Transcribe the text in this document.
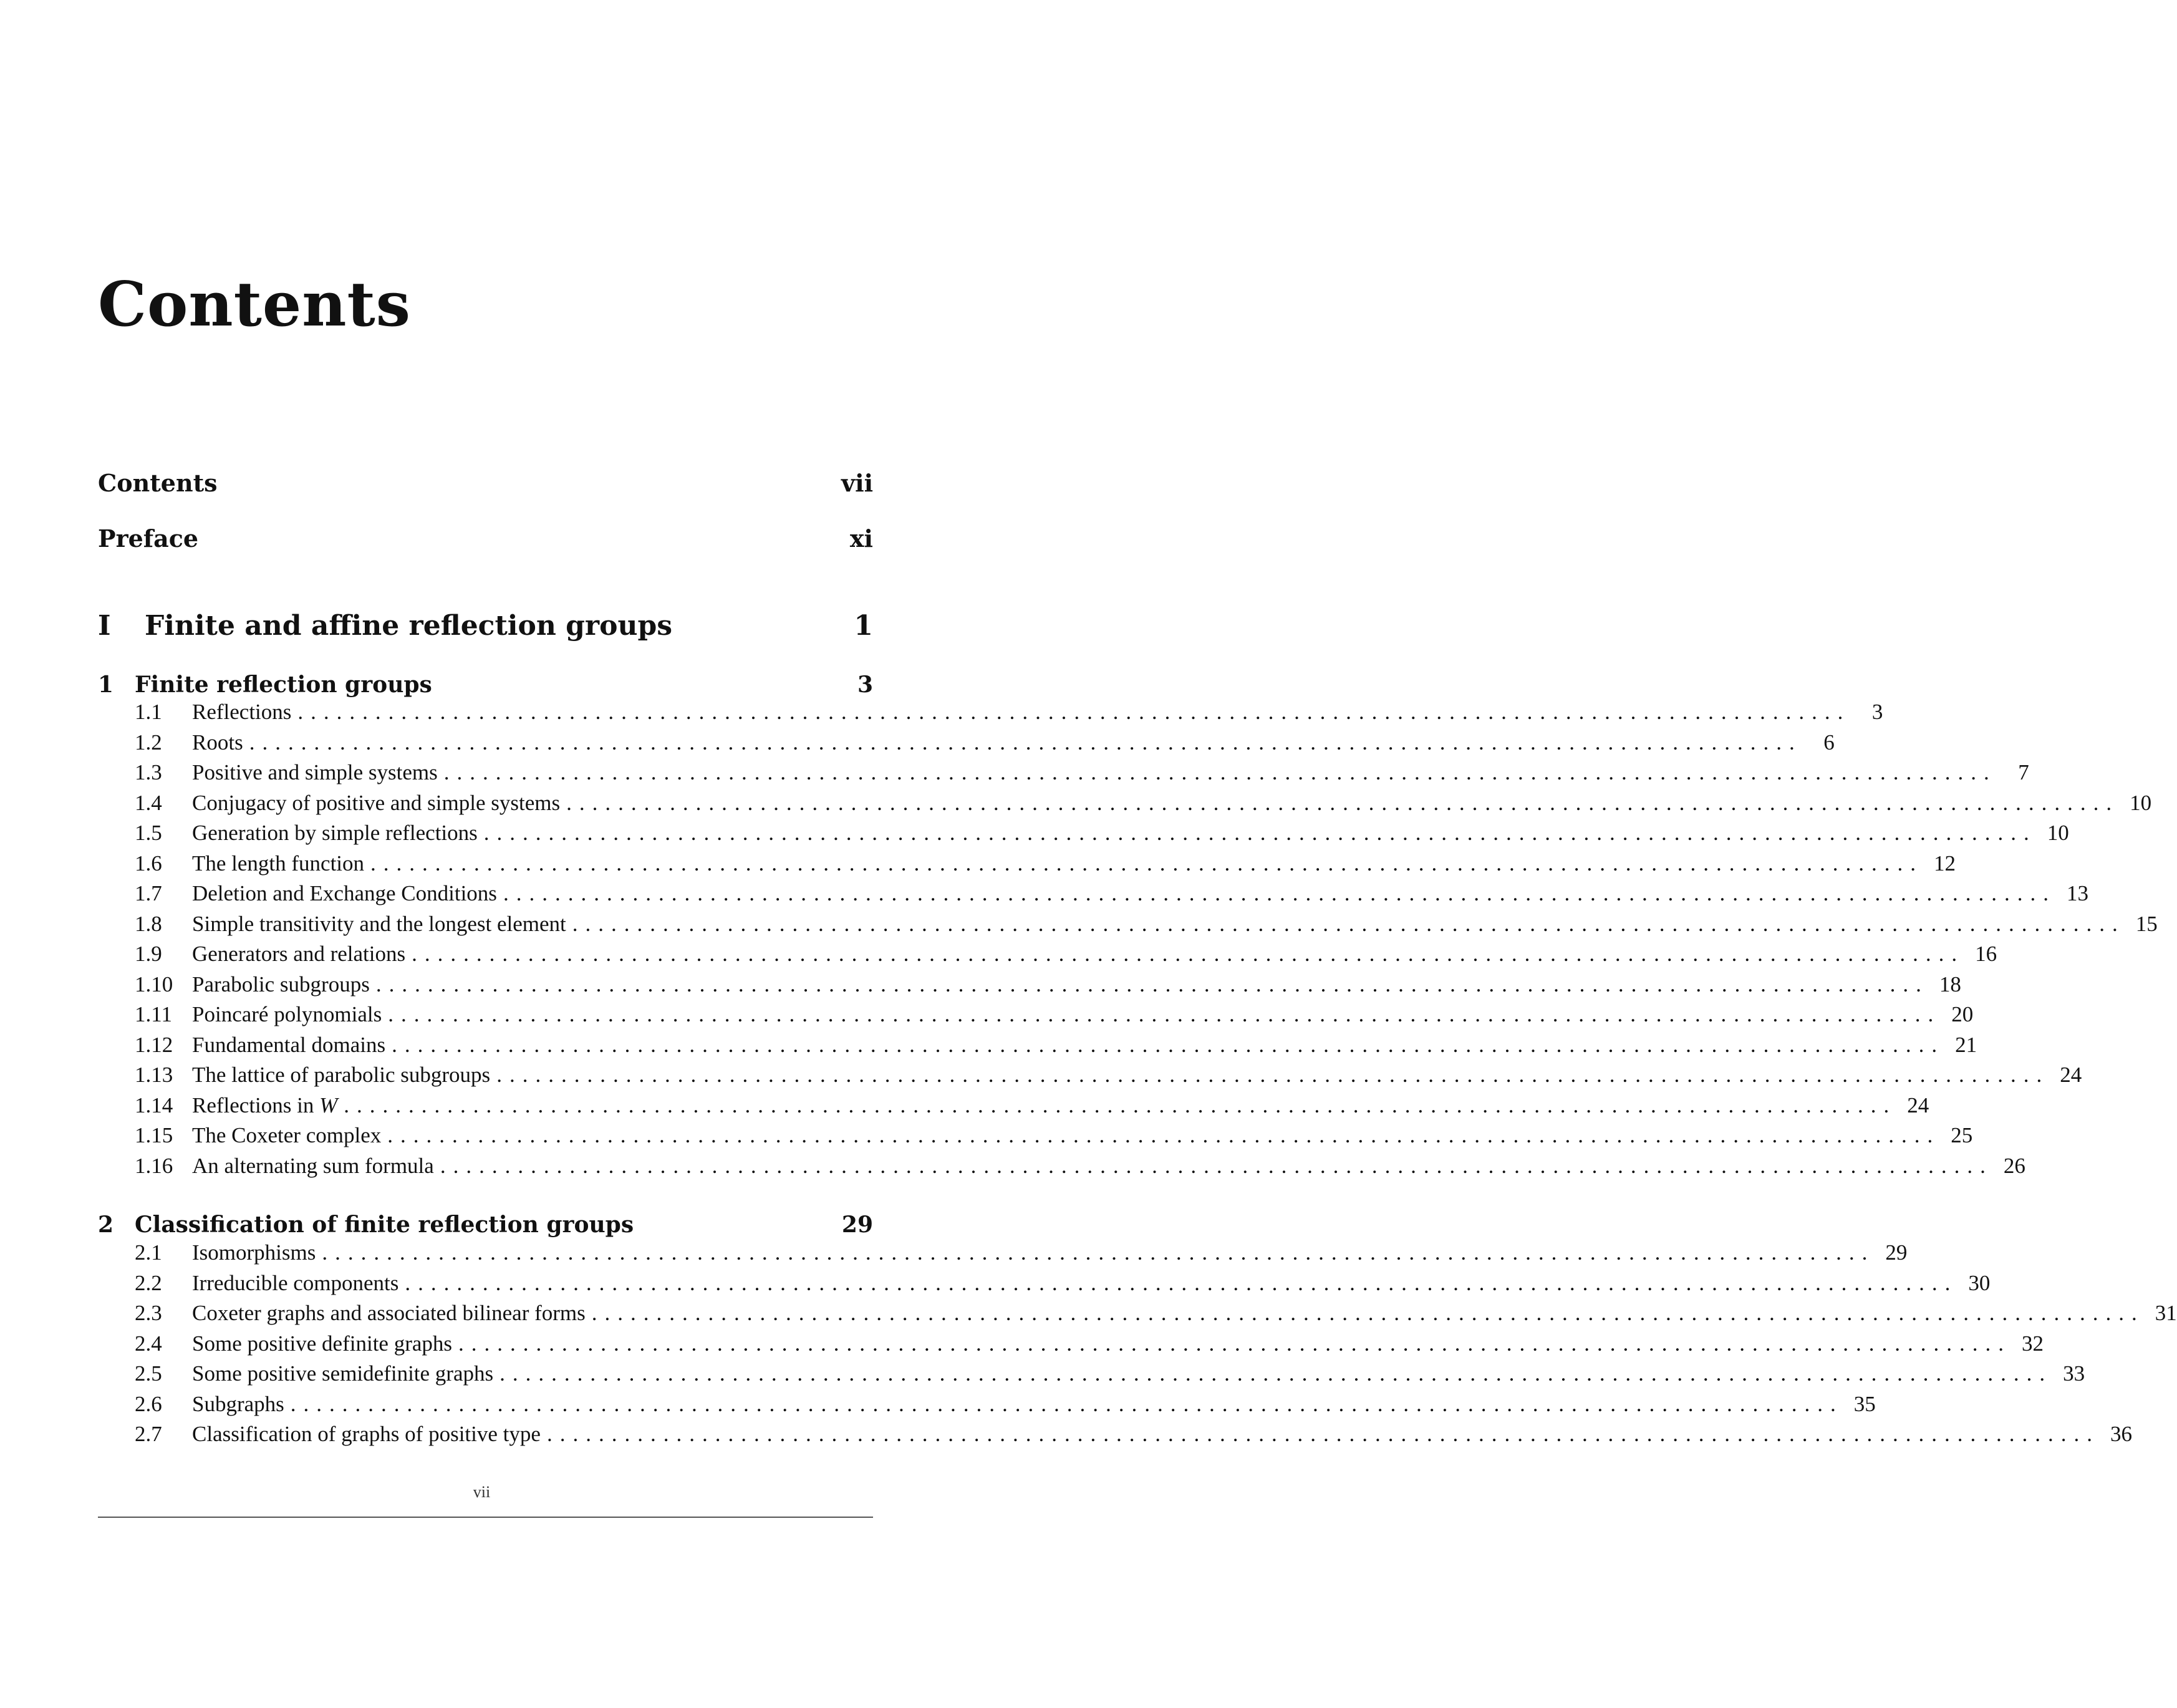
Contents
Contents	vii
Preface	xi
I	Finite and affine reflection groups	1
1 Finite reflection groups	3
1.1	Reflections ........................................................................................................................ 3
1.2	Roots ........................................................................................................................ 6
1.3	Positive and simple systems ........................................................................................................................ 7
1.4	Conjugacy of positive and simple systems ........................................................................................................................ 10
1.5	Generation by simple reflections ........................................................................................................................ 10
1.6	The length function ........................................................................................................................ 12
1.7	Deletion and Exchange Conditions ........................................................................................................................ 13
1.8	Simple transitivity and the longest element ........................................................................................................................ 15
1.9	Generators and relations ........................................................................................................................ 16
1.10 Parabolic subgroups ........................................................................................................................ 18
1.11 Poincaré polynomials ........................................................................................................................ 20
1.12 Fundamental domains ........................................................................................................................ 21
1.13 The lattice of parabolic subgroups ........................................................................................................................ 24
1.14 Reflections in W ........................................................................................................................ 24
1.15 The Coxeter complex ........................................................................................................................ 25
1.16 An alternating sum formula ........................................................................................................................ 26
2 Classification of finite reflection groups	29
2.1	Isomorphisms ........................................................................................................................ 29
2.2	Irreducible components ........................................................................................................................ 30
2.3	Coxeter graphs and associated bilinear forms ........................................................................................................................ 31
2.4	Some positive definite graphs ........................................................................................................................ 32
2.5	Some positive semidefinite graphs ........................................................................................................................ 33
2.6	Subgraphs ........................................................................................................................ 35
2.7	Classification of graphs of positive type ........................................................................................................................ 36
vii
